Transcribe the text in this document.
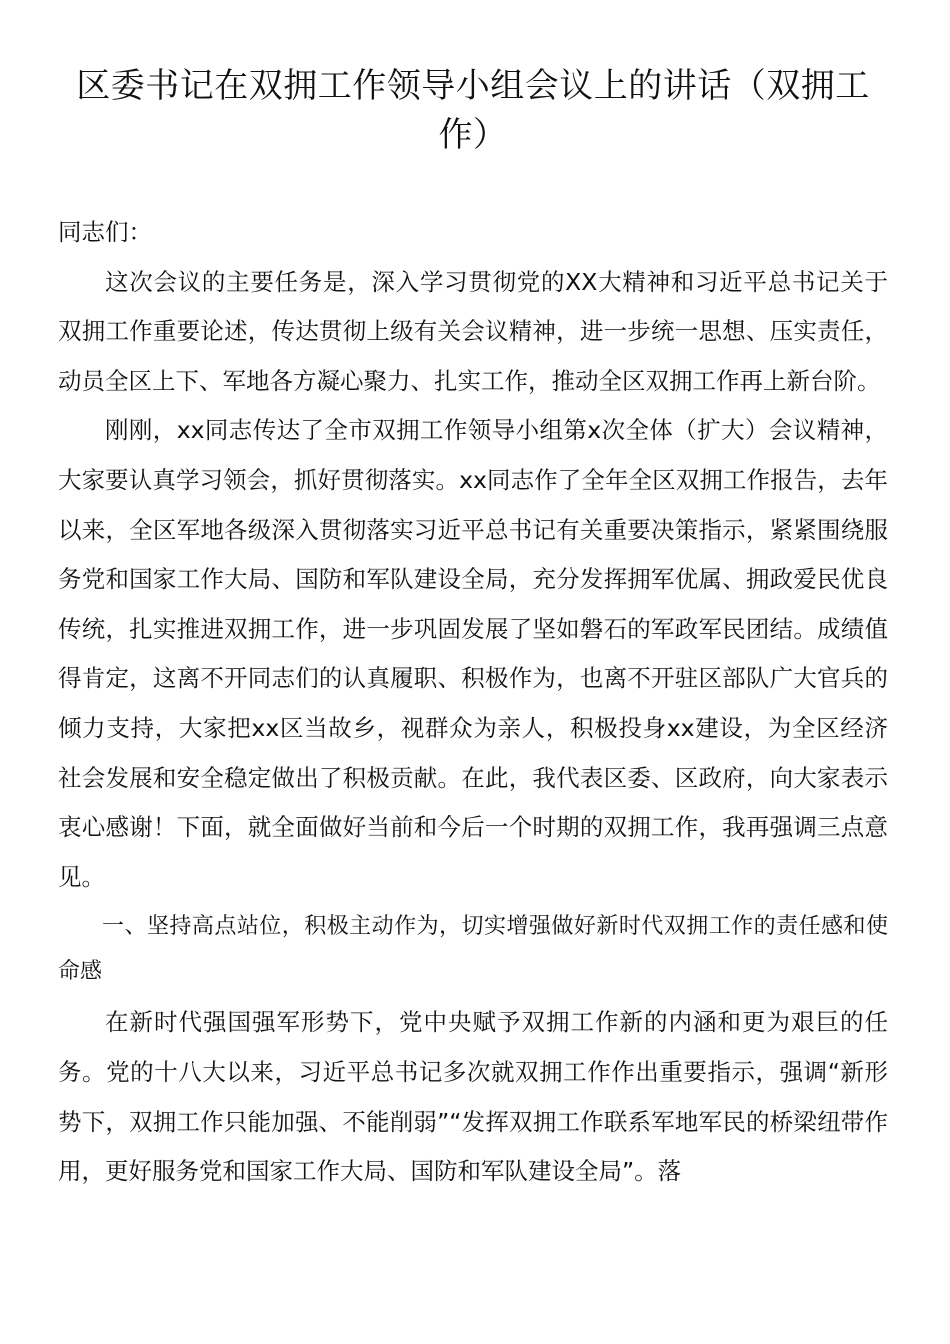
区委书记在双拥工作领导小组会议上的讲话（双拥工作）

同志们：

这次会议的主要任务是，深入学习贯彻党的XX大精神和习近平总书记关于双拥工作重要论述，传达贯彻上级有关会议精神，进一步统一思想、压实责任，动员全区上下、军地各方凝心聚力、扎实工作，推动全区双拥工作再上新台阶。

刚刚，xx同志传达了全市双拥工作领导小组第x次全体（扩大）会议精神，大家要认真学习领会，抓好贯彻落实。xx同志作了全年全区双拥工作报告，去年以来，全区军地各级深入贯彻落实习近平总书记有关重要决策指示，紧紧围绕服务党和国家工作大局、国防和军队建设全局，充分发挥拥军优属、拥政爱民优良传统，扎实推进双拥工作，进一步巩固发展了坚如磐石的军政军民团结。成绩值得肯定，这离不开同志们的认真履职、积极作为，也离不开驻区部队广大官兵的倾力支持，大家把xx区当故乡，视群众为亲人，积极投身xx建设，为全区经济社会发展和安全稳定做出了积极贡献。在此，我代表区委、区政府，向大家表示衷心感谢！下面，就全面做好当前和今后一个时期的双拥工作，我再强调三点意见。

一、坚持高点站位，积极主动作为，切实增强做好新时代双拥工作的责任感和使命感

在新时代强国强军形势下，党中央赋予双拥工作新的内涵和更为艰巨的任务。党的十八大以来，习近平总书记多次就双拥工作作出重要指示，强调“新形势下，双拥工作只能加强、不能削弱”“发挥双拥工作联系军地军民的桥梁纽带作用，更好服务党和国家工作大局、国防和军队建设全局”。落
